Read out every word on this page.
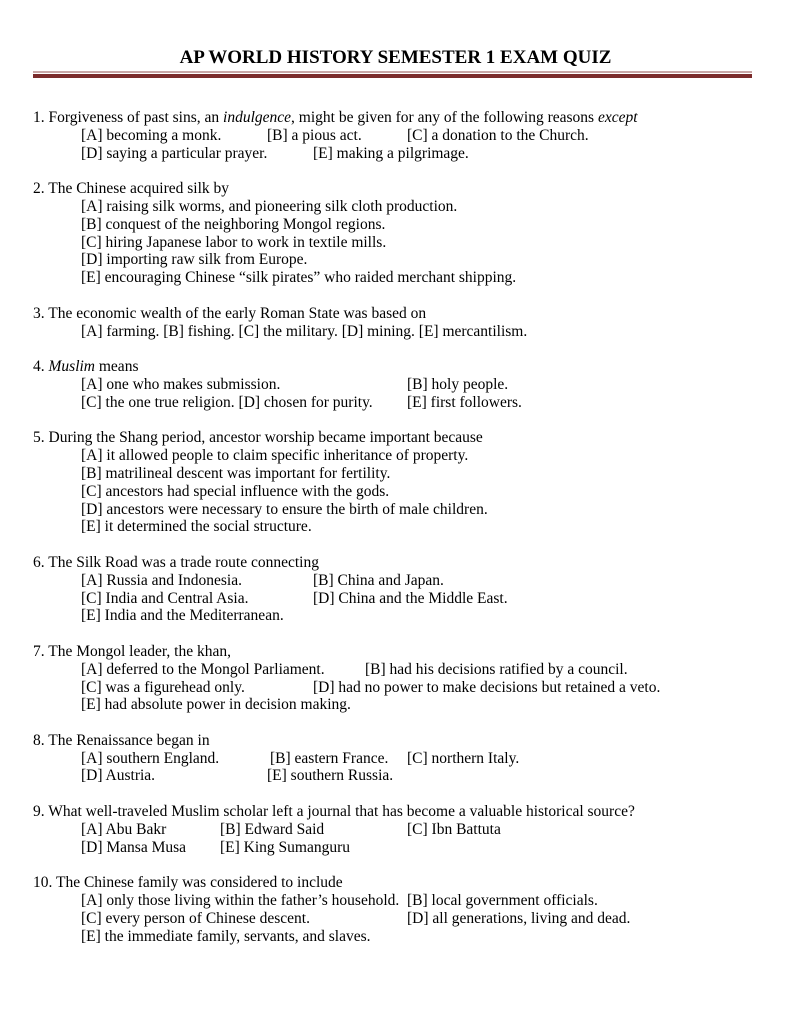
AP WORLD HISTORY SEMESTER 1 EXAM QUIZ
1. Forgiveness of past sins, an indulgence, might be given for any of the following reasons except
[A] becoming a monk.	[B] a pious act.	[C] a donation to the Church.
[D] saying a particular prayer.	[E] making a pilgrimage.
2. The Chinese acquired silk by
[A] raising silk worms, and pioneering silk cloth production.
[B] conquest of the neighboring Mongol regions.
[C] hiring Japanese labor to work in textile mills.
[D] importing raw silk from Europe.
[E] encouraging Chinese “silk pirates” who raided merchant shipping.
3. The economic wealth of the early Roman State was based on
[A] farming. [B] fishing. [C] the military. [D] mining. [E] mercantilism.
4. Muslim means
[A] one who makes submission.	[B] holy people.
[C] the one true religion. [D] chosen for purity. [E] first followers.
5. During the Shang period, ancestor worship became important because
[A] it allowed people to claim specific inheritance of property.
[B] matrilineal descent was important for fertility.
[C] ancestors had special influence with the gods.
[D] ancestors were necessary to ensure the birth of male children.
[E] it determined the social structure.
6. The Silk Road was a trade route connecting
[A] Russia and Indonesia.	[B] China and Japan.
[C] India and Central Asia.	[D] China and the Middle East.
[E] India and the Mediterranean.
7. The Mongol leader, the khan,
[A] deferred to the Mongol Parliament.	[B] had his decisions ratified by a council.
[C] was a figurehead only.	[D] had no power to make decisions but retained a veto.
[E] had absolute power in decision making.
8. The Renaissance began in
[A] southern England.	[B] eastern France. [C] northern Italy.
[D] Austria.	[E] southern Russia.
9. What well-traveled Muslim scholar left a journal that has become a valuable historical source?
[A] Abu Bakr	[B] Edward Said	[C] Ibn Battuta
[D] Mansa Musa [E] King Sumanguru
10. The Chinese family was considered to include
[A] only those living within the father’s household. [B] local government officials.
[C] every person of Chinese descent.	[D] all generations, living and dead.
[E] the immediate family, servants, and slaves.
